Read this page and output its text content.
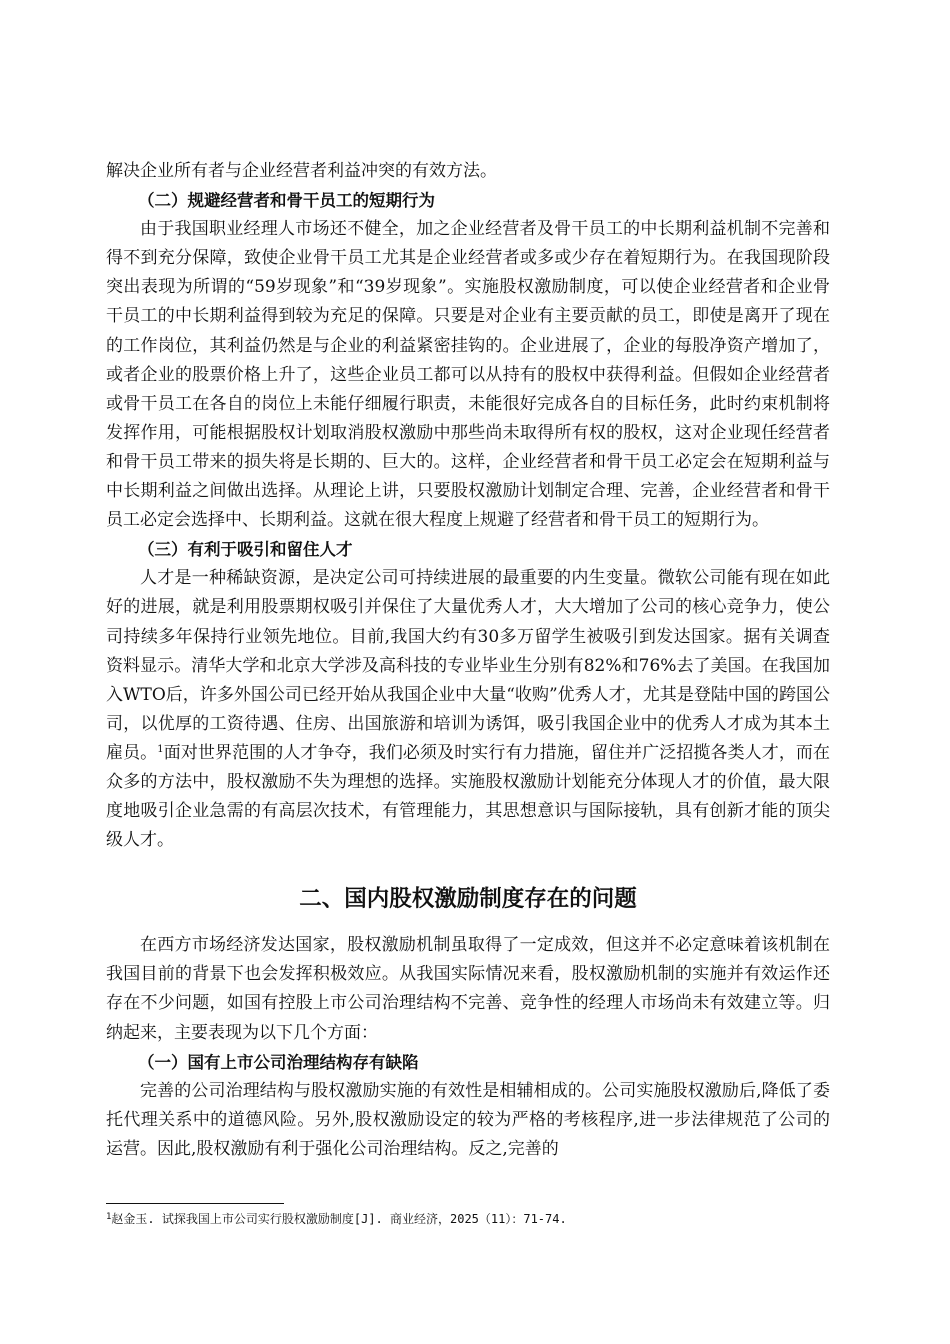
解决企业所有者与企业经营者利益冲突的有效方法。

（二）规避经营者和骨干员工的短期行为

由于我国职业经理人市场还不健全，加之企业经营者及骨干员工的中长期利益机制不完善和得不到充分保障，致使企业骨干员工尤其是企业经营者或多或少存在着短期行为。在我国现阶段突出表现为所谓的“59岁现象”和“39岁现象”。实施股权激励制度，可以使企业经营者和企业骨干员工的中长期利益得到较为充足的保障。只要是对企业有主要贡献的员工，即使是离开了现在的工作岗位，其利益仍然是与企业的利益紧密挂钩的。企业进展了，企业的每股净资产增加了，或者企业的股票价格上升了，这些企业员工都可以从持有的股权中获得利益。但假如企业经营者或骨干员工在各自的岗位上未能仔细履行职责，未能很好完成各自的目标任务，此时约束机制将发挥作用，可能根据股权计划取消股权激励中那些尚未取得所有权的股权，这对企业现任经营者和骨干员工带来的损失将是长期的、巨大的。这样，企业经营者和骨干员工必定会在短期利益与中长期利益之间做出选择。从理论上讲，只要股权激励计划制定合理、完善，企业经营者和骨干员工必定会选择中、长期利益。这就在很大程度上规避了经营者和骨干员工的短期行为。

（三）有利于吸引和留住人才

人才是一种稀缺资源，是决定公司可持续进展的最重要的内生变量。微软公司能有现在如此好的进展，就是利用股票期权吸引并保住了大量优秀人才，大大增加了公司的核心竞争力，使公司持续多年保持行业领先地位。目前,我国大约有30多万留学生被吸引到发达国家。据有关调查资料显示。清华大学和北京大学涉及高科技的专业毕业生分别有82%和76%去了美国。在我国加入WTO后，许多外国公司已经开始从我国企业中大量“收购”优秀人才，尤其是登陆中国的跨国公司，以优厚的工资待遇、住房、出国旅游和培训为诱饵，吸引我国企业中的优秀人才成为其本土雇员。$^1$面对世界范围的人才争夺，我们必须及时实行有力措施，留住并广泛招揽各类人才，而在众多的方法中，股权激励不失为理想的选择。实施股权激励计划能充分体现人才的价值，最大限度地吸引企业急需的有高层次技术，有管理能力，其思想意识与国际接轨，具有创新才能的顶尖级人才。

二、国内股权激励制度存在的问题

在西方市场经济发达国家，股权激励机制虽取得了一定成效，但这并不必定意味着该机制在我国目前的背景下也会发挥积极效应。从我国实际情况来看，股权激励机制的实施并有效运作还存在不少问题，如国有控股上市公司治理结构不完善、竞争性的经理人市场尚未有效建立等。归纳起来，主要表现为以下几个方面：

（一）国有上市公司治理结构存有缺陷

完善的公司治理结构与股权激励实施的有效性是相辅相成的。公司实施股权激励后,降低了委托代理关系中的道德风险。另外,股权激励设定的较为严格的考核程序,进一步法律规范了公司的运营。因此,股权激励有利于强化公司治理结构。反之,完善的

$^1$赵金玉. 试探我国上市公司实行股权激励制度[J]. 商业经济，2025（11）：71-74.
